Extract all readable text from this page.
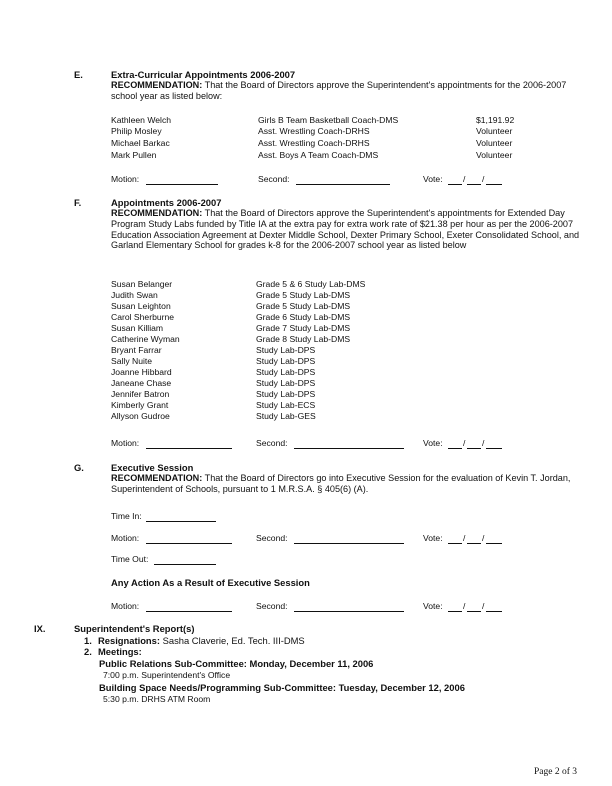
E.	Extra-Curricular Appointments 2006-2007
RECOMMENDATION: That the Board of Directors approve the Superintendent's appointments for the 2006-2007 school year as listed below:
Kathleen Welch	Girls B Team Basketball Coach-DMS	$1,191.92
Philip Mosley	Asst. Wrestling Coach-DRHS	Volunteer
Michael Barkac	Asst. Wrestling Coach-DRHS	Volunteer
Mark Pullen	Asst. Boys A Team Coach-DMS	Volunteer
Motion:	Second:	Vote: / /
F.	Appointments 2006-2007
RECOMMENDATION: That the Board of Directors approve the Superintendent's appointments for Extended Day Program Study Labs funded by Title IA at the extra pay for extra work rate of $21.38 per hour as per the 2006-2007 Education Association Agreement at Dexter Middle School, Dexter Primary School, Exeter Consolidated School, and Garland Elementary School for grades k-8 for the 2006-2007 school year as listed below
Susan Belanger	Grade 5 & 6 Study Lab-DMS
Judith Swan	Grade 5 Study Lab-DMS
Susan Leighton	Grade 5 Study Lab-DMS
Carol Sherburne	Grade 6 Study Lab-DMS
Susan Killiam	Grade 7 Study Lab-DMS
Catherine Wyman	Grade 8 Study Lab-DMS
Bryant Farrar	Study Lab-DPS
Sally Nuite	Study Lab-DPS
Joanne Hibbard	Study Lab-DPS
Janeane Chase	Study Lab-DPS
Jennifer Batron	Study Lab-DPS
Kimberly Grant	Study Lab-ECS
Allyson Gudroe	Study Lab-GES
Motion:	Second:	Vote: / /
G.	Executive Session
RECOMMENDATION: That the Board of Directors go into Executive Session for the evaluation of Kevin T. Jordan, Superintendent of Schools, pursuant to 1 M.R.S.A. § 405(6) (A).
Time In:
Motion:	Second:	Vote: / /
Time Out:
Any Action As a Result of Executive Session
Motion:	Second:	Vote: / /
IX.	Superintendent's Report(s)
1. Resignations: Sasha Claverie, Ed. Tech. III-DMS
2. Meetings:
Public Relations Sub-Committee: Monday, December 11, 2006
7:00 p.m. Superintendent's Office
Building Space Needs/Programming Sub-Committee: Tuesday, December 12, 2006
5:30 p.m. DRHS ATM Room
Page 2 of 3
